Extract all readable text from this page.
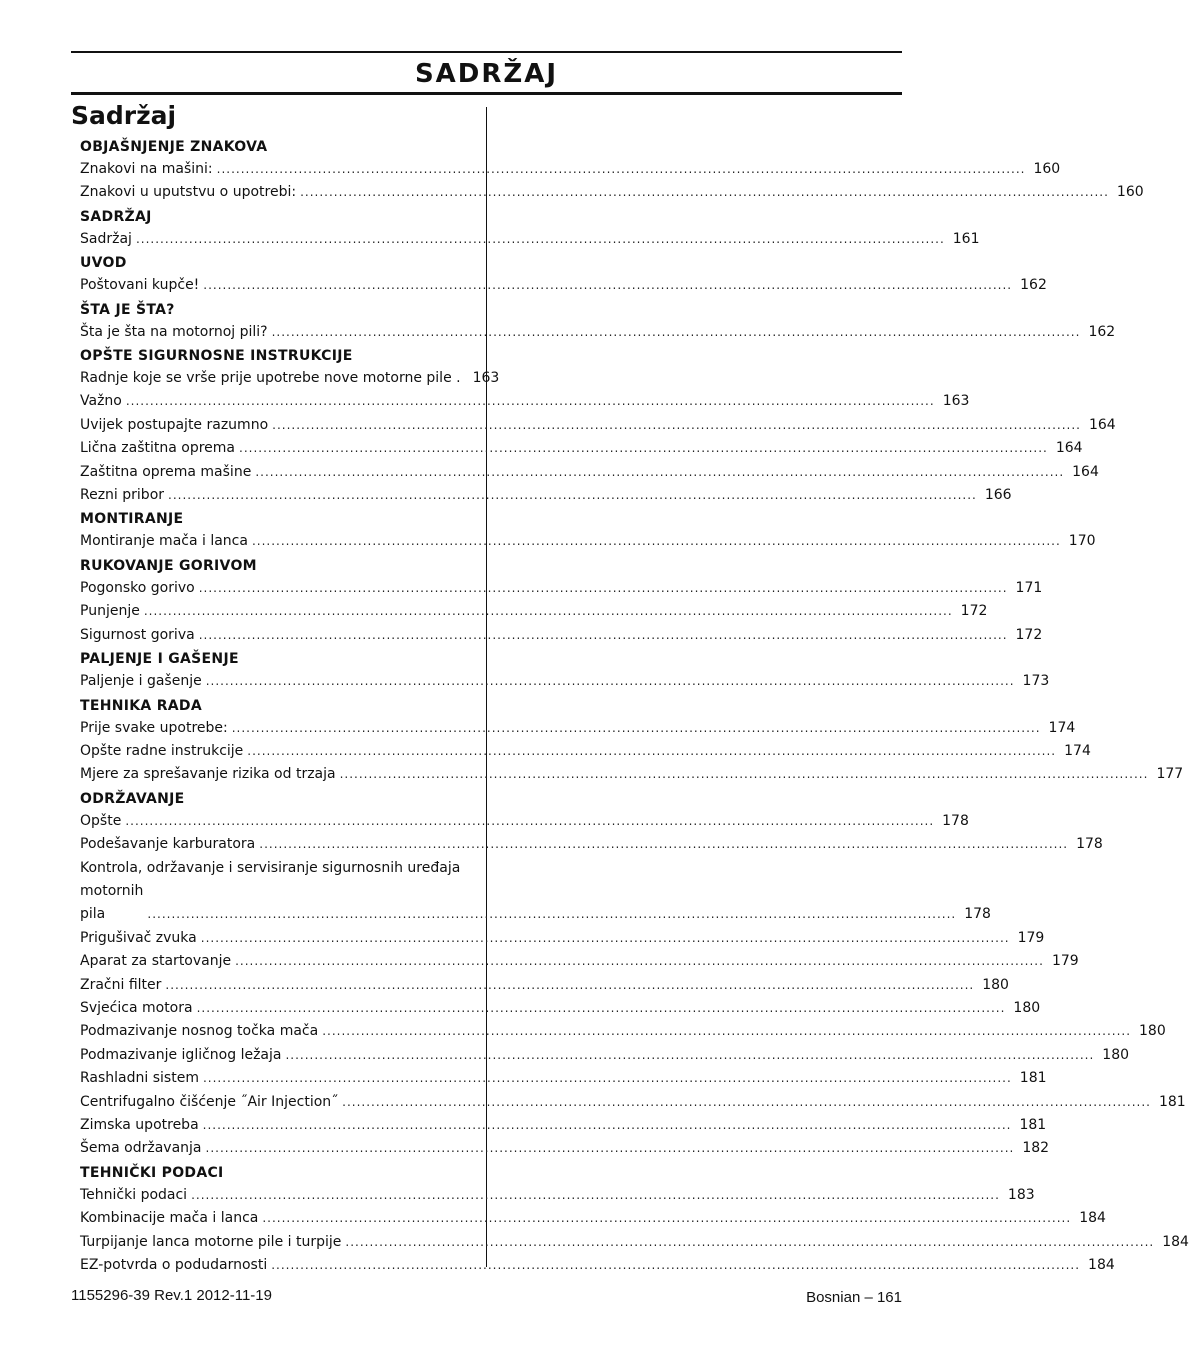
SADRŽAJ
Sadržaj
OBJAŠNJENJE ZNAKOVA
Znakovi na mašini: .....	160
Znakovi u uputstvu o upotrebi: .....	160
SADRŽAJ
Sadržaj .....	161
UVOD
Poštovani kupče! .....	162
ŠTA JE ŠTA?
Šta je šta na motornoj pili? .....	162
OPŠTE SIGURNOSNE INSTRUKCIJE
Radnje koje se vrše prije upotrebe nove motorne pile . 163
Važno .....	163
Uvijek postupajte razumno .....	164
Lična zaštitna oprema .....	164
Zaštitna oprema mašine .....	164
Rezni pribor .....	166
MONTIRANJE
Montiranje mača i lanca .....	170
RUKOVANJE GORIVOM
Pogonsko gorivo .....	171
Punjenje .....	172
Sigurnost goriva .....	172
PALJENJE I GAŠENJE
Paljenje i gašenje .....	173
TEHNIKA RADA
Prije svake upotrebe: .....	174
Opšte radne instrukcije .....	174
Mjere za sprešavanje rizika od trzaja .....	177
ODRŽAVANJE
Opšte .....	178
Podešavanje karburatora .....	178
Kontrola, održavanje i servisiranje sigurnosnih uređaja
motornih pila .....	178
Prigušivač zvuka .....	179
Aparat za startovanje .....	179
Zračni filter .....	180
Svjećica motora .....	180
Podmazivanje nosnog točka mača .....	180
Podmazivanje igličnog ležaja .....	180
Rashladni sistem .....	181
Centrifugalno čišćenje ˝Air Injection˝ .....	181
Zimska upotreba .....	181
Šema održavanja .....	182
TEHNIČKI PODACI
Tehnički podaci .....	183
Kombinacije mača i lanca .....	184
Turpijanje lanca motorne pile i turpije .....	184
EZ-potvrda o podudarnosti .....	184
1155296-39 Rev.1 2012-11-19	Bosnian – 161
